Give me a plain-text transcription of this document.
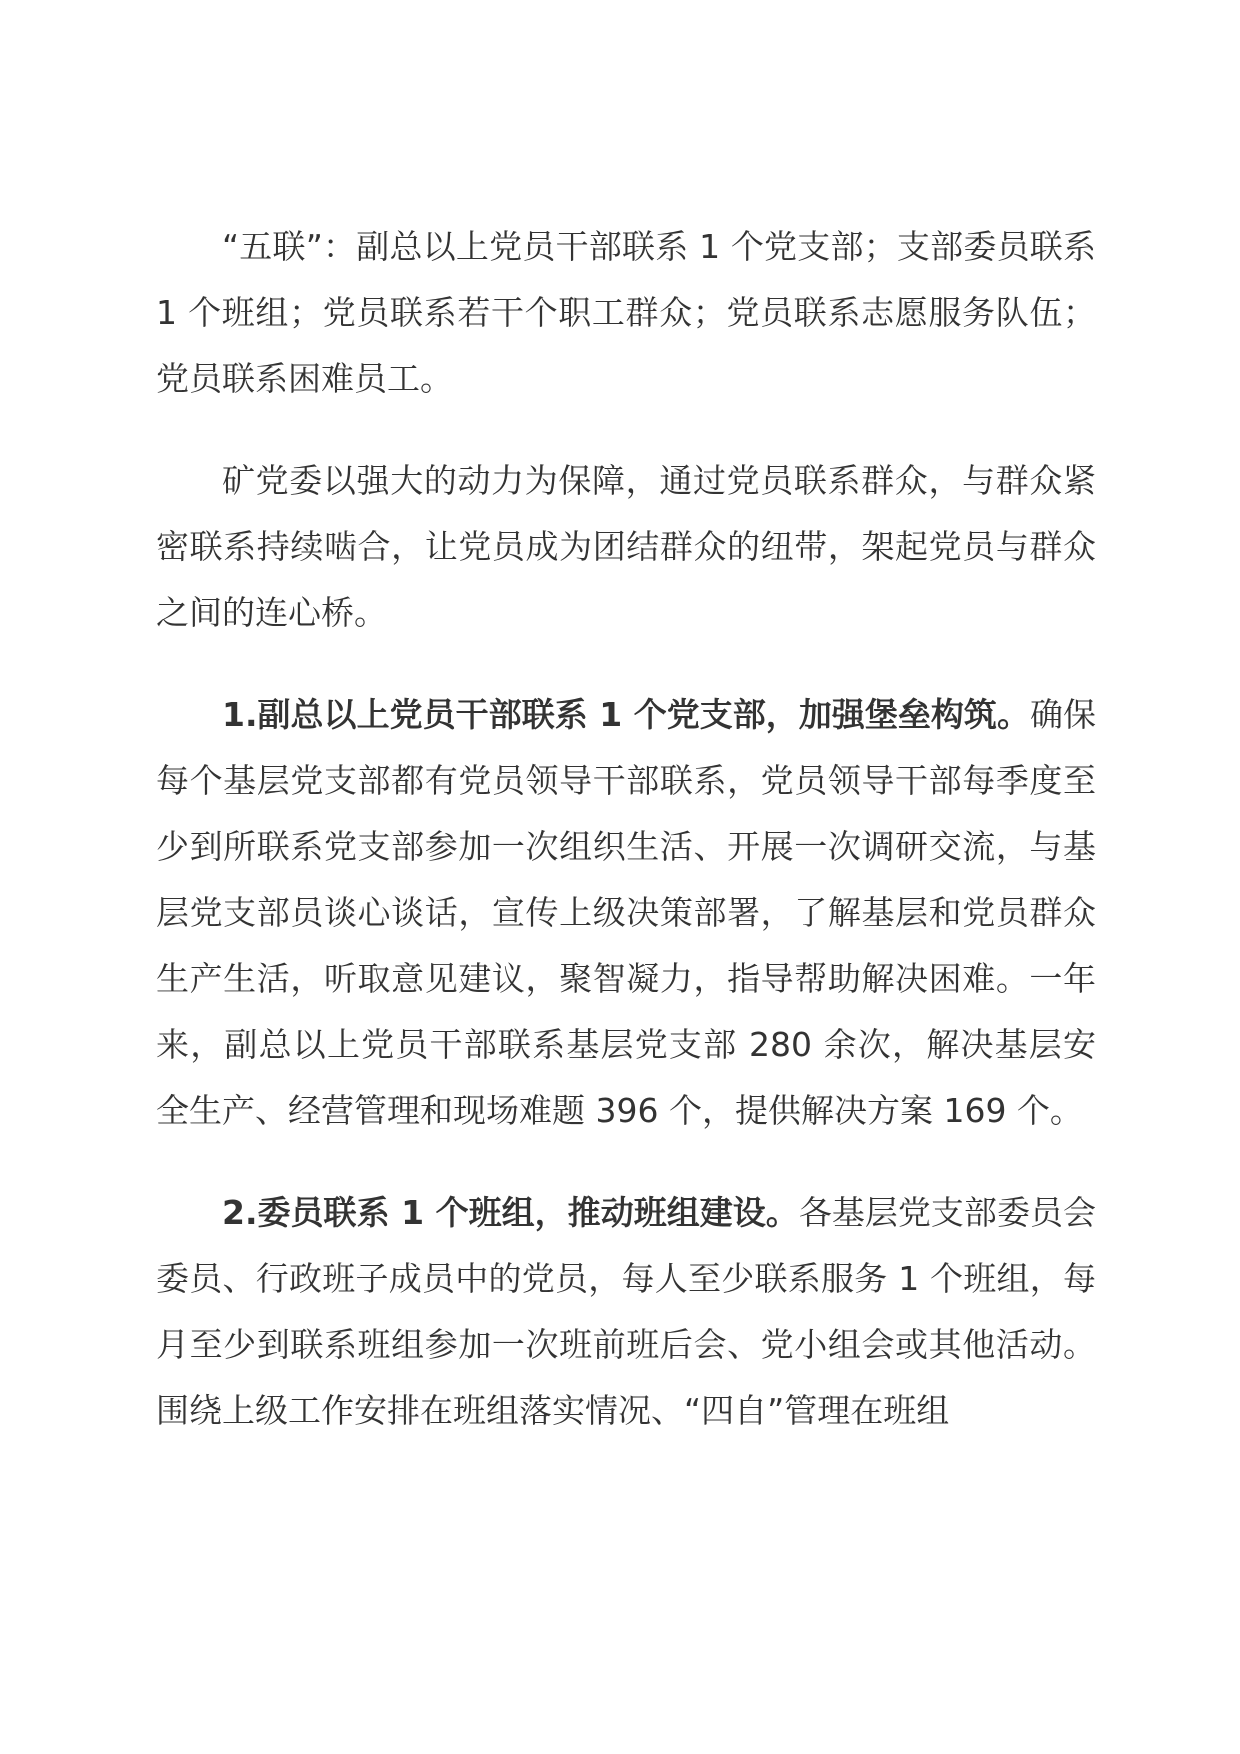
“五联”：副总以上党员干部联系 1 个党支部；支部委员联系 1 个班组；党员联系若干个职工群众；党员联系志愿服务队伍；党员联系困难员工。

矿党委以强大的动力为保障，通过党员联系群众，与群众紧密联系持续啮合，让党员成为团结群众的纽带，架起党员与群众之间的连心桥。

1.副总以上党员干部联系 1 个党支部，加强堡垒构筑。确保每个基层党支部都有党员领导干部联系，党员领导干部每季度至少到所联系党支部参加一次组织生活、开展一次调研交流，与基层党支部员谈心谈话，宣传上级决策部署，了解基层和党员群众生产生活，听取意见建议，聚智凝力，指导帮助解决困难。一年来，副总以上党员干部联系基层党支部 280 余次，解决基层安全生产、经营管理和现场难题 396 个，提供解决方案 169 个。

2.委员联系 1 个班组，推动班组建设。各基层党支部委员会委员、行政班子成员中的党员，每人至少联系服务 1 个班组，每月至少到联系班组参加一次班前班后会、党小组会或其他活动。围绕上级工作安排在班组落实情况、“四自”管理在班组
